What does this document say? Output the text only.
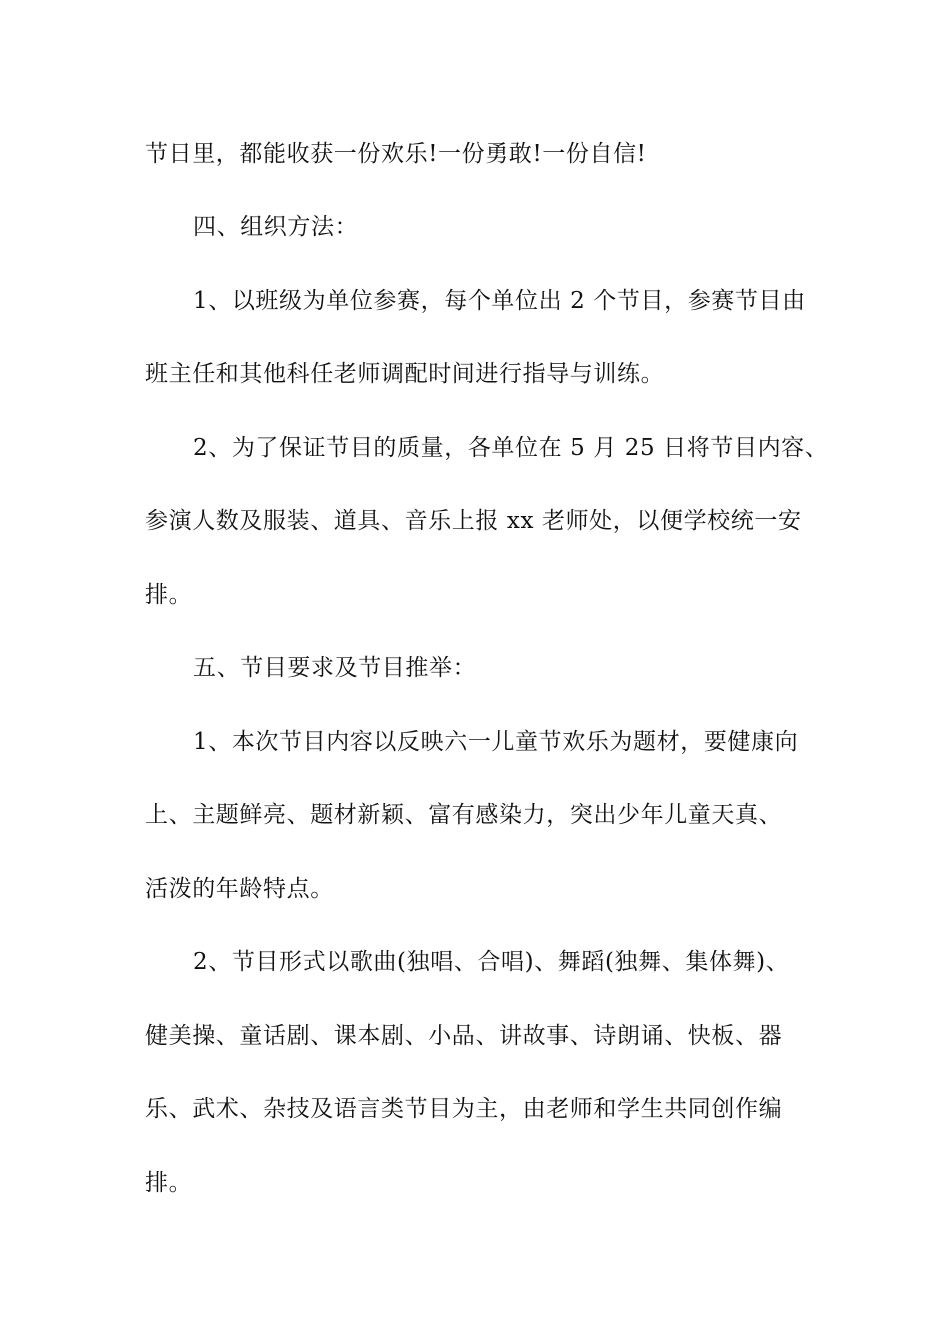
节日里，都能收获一份欢乐!一份勇敢!一份自信!
四、组织方法：
1、以班级为单位参赛，每个单位出 2 个节目，参赛节目由
班主任和其他科任老师调配时间进行指导与训练。
2、为了保证节目的质量，各单位在 5 月 25 日将节目内容、
参演人数及服装、道具、音乐上报 xx 老师处，以便学校统一安
排。
五、节目要求及节目推举：
1、本次节目内容以反映六一儿童节欢乐为题材，要健康向
上、主题鲜亮、题材新颖、富有感染力，突出少年儿童天真、
活泼的年龄特点。
2、节目形式以歌曲(独唱、合唱)、舞蹈(独舞、集体舞)、
健美操、童话剧、课本剧、小品、讲故事、诗朗诵、快板、器
乐、武术、杂技及语言类节目为主，由老师和学生共同创作编
排。
